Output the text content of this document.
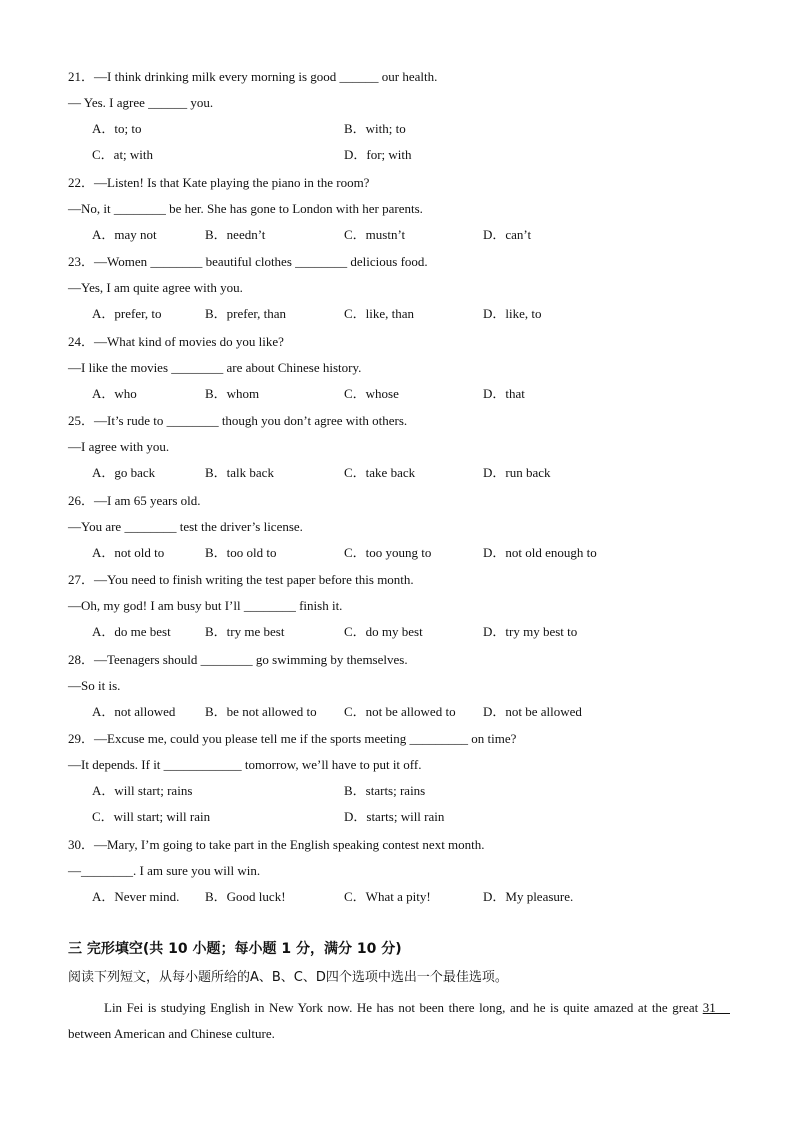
21．—I think drinking milk every morning is good ______ our health.
— Yes. I agree ______ you.
A．to; to	B．with; to
C．at; with	D．for; with
22．—Listen! Is that Kate playing the piano in the room?
—No, it ________ be her. She has gone to London with her parents.
A．may not	B．needn’t	C．mustn’t	D．can’t
23．—Women ________ beautiful clothes ________ delicious food.
—Yes, I am quite agree with you.
A．prefer, to	B．prefer, than	C．like, than	D．like, to
24．—What kind of movies do you like?
—I like the movies ________ are about Chinese history.
A．who	B．whom	C．whose	D．that
25．—It’s rude to ________ though you don’t agree with others.
—I agree with you.
A．go back	B．talk back	C．take back	D．run back
26．—I am 65 years old.
—You are ________ test the driver’s license.
A．not old to	B．too old to	C．too young to	D．not old enough to
27．—You need to finish writing the test paper before this month.
—Oh, my god! I am busy but I’ll ________ finish it.
A．do me best	B．try me best	C．do my best	D．try my best to
28．—Teenagers should ________ go swimming by themselves.
—So it is.
A．not allowed B．be not allowed to C．not be allowed to D．not be allowed
29．—Excuse me, could you please tell me if the sports meeting _________ on time?
—It depends. If it ____________ tomorrow, we’ll have to put it off.
A．will start; rains	B．starts; rains
C．will start; will rain	D．starts; will rain
30．—Mary, I’m going to take part in the English speaking contest next month.
—________. I am sure you will win.
A．Never mind. B．Good luck!	C．What a pity!	D．My pleasure.
三 完形填空(共 10 小题；每小题 1 分，满分 10 分)
阅读下列短文，从每小题所给的A、B、C、D四个选项中选出一个最佳选项。
Lin Fei is studying English in New York now. He has not been there long, and he is quite amazed at the great 31　 between American and Chinese culture.
